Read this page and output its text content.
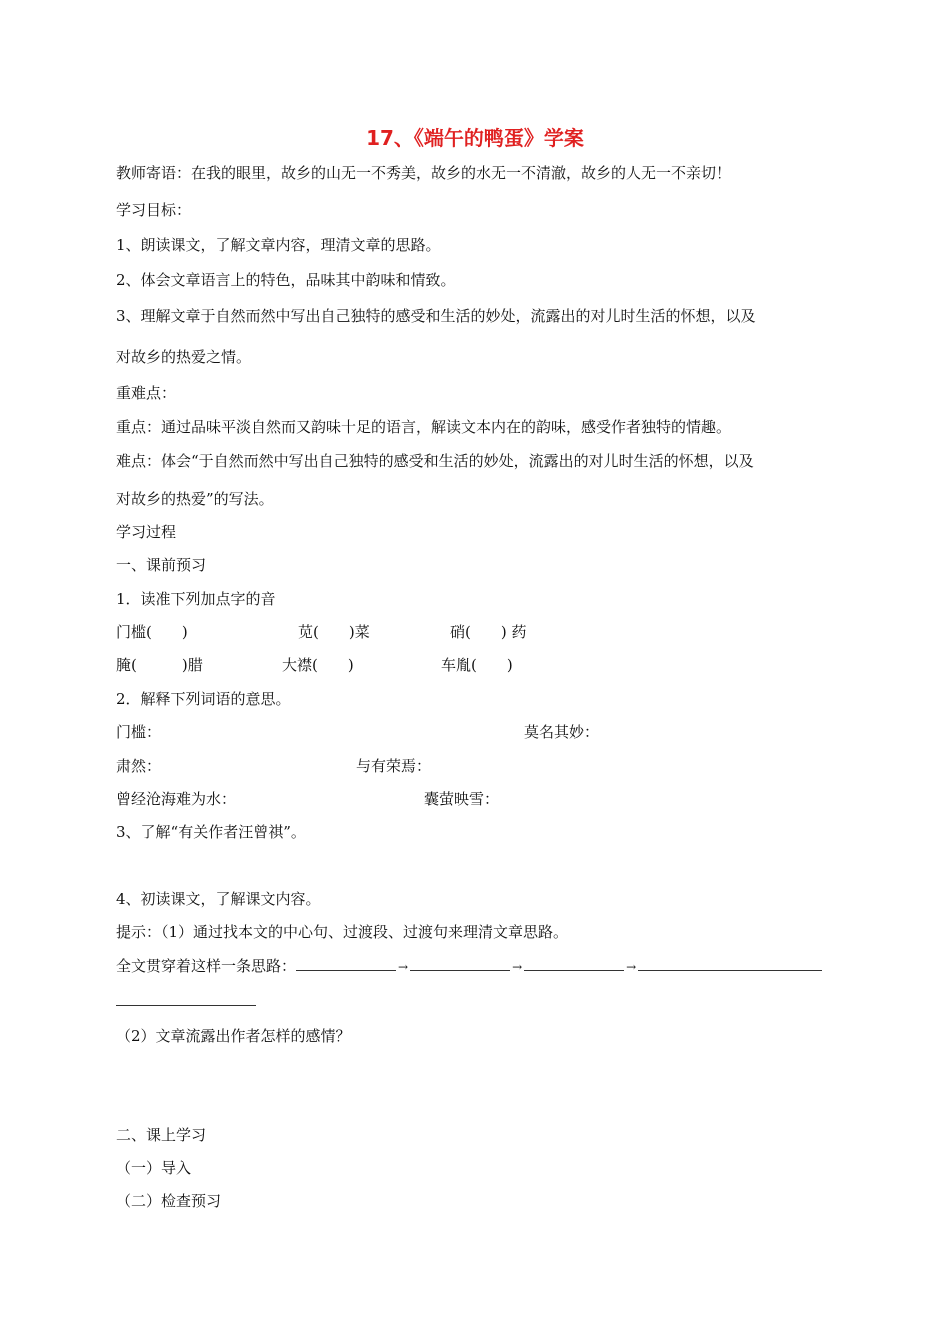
17、《端午的鸭蛋》学案
教师寄语：在我的眼里，故乡的山无一不秀美，故乡的水无一不清澈，故乡的人无一不亲切！
学习目标：
1、朗读课文，了解文章内容，理清文章的思路。
2、体会文章语言上的特色，品味其中韵味和情致。
3、理解文章于自然而然中写出自己独特的感受和生活的妙处，流露出的对儿时生活的怀想，以及
对故乡的热爱之情。
重难点：
重点：通过品味平淡自然而又韵味十足的语言，解读文本内在的韵味，感受作者独特的情趣。
难点：体会“于自然而然中写出自己独特的感受和生活的妙处，流露出的对儿时生活的怀想，以及
对故乡的热爱”的写法。
学习过程
一、课前预习
1．读准下列加点字的音
门槛(　　)	苋(　　)菜	硝(　　) 药
腌(　　　)腊	大襟(　　)	车胤(　　)
2．解释下列词语的意思。
门槛：	莫名其妙：
肃然：	与有荣焉：
曾经沧海难为水：	囊萤映雪：
3、了解“有关作者汪曾祺”。
4、初读课文，了解课文内容。
提示：（1）通过找本文的中心句、过渡段、过渡句来理清文章思路。
全文贯穿着这样一条思路：	→	→	→
（2）文章流露出作者怎样的感情？
二、课上学习
（一）导入
（二）检查预习
